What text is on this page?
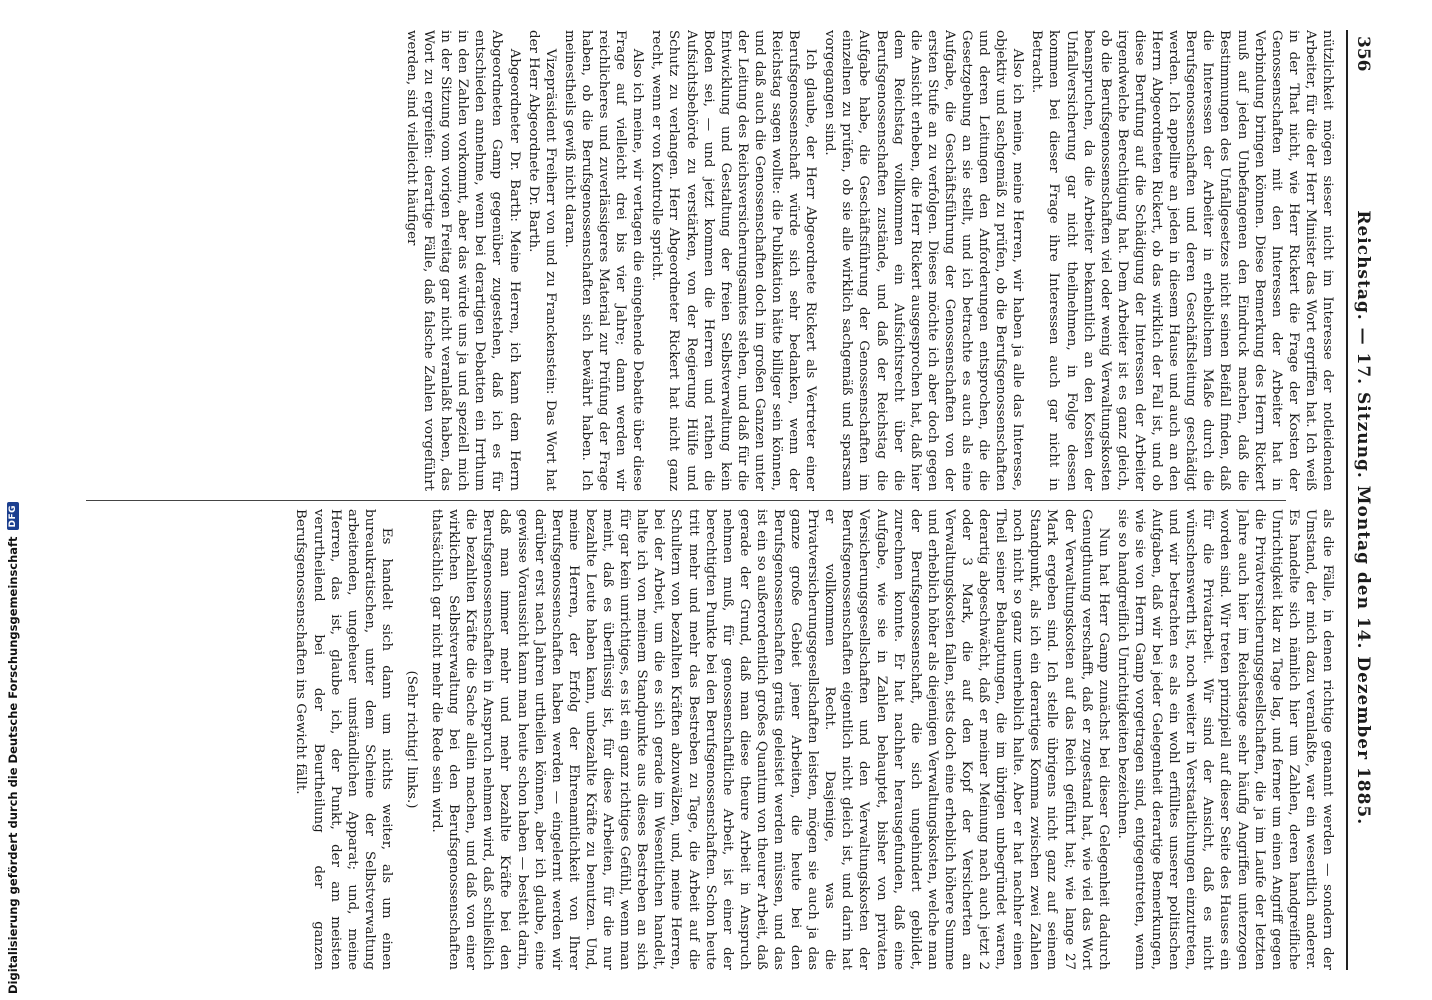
356
Reichstag. — 17. Sitzung. Montag den 14. Dezember 1885.

nützlichkeit mögen sieser nicht im Interesse der notleidenden Arbeiter, für die der Herr Minister das Wort ergriffen hat. Ich weiß in der That nicht, wie Herr Rickert die Frage der Kosten der Genossenschaften mit den Interessen der Arbeiter hat in Verbindung bringen können. Diese Bemerkung des Herrn Rickert muß auf jeden Unbefangenen den Eindruck machen, daß die Bestimmungen des Unfallgesetzes nicht seinen Beifall finden, daß die Interessen der Arbeiter in erheblichem Maße durch die Berufsgenossenschaften und deren Geschäftsleitung geschädigt werden. Ich appellire an jeden in diesem Hause und auch an den Herrn Abgeordneten Rickert, ob das wirklich der Fall ist, und ob diese Berufung auf die Schädigung der Interessen der Arbeiter irgendwelche Berechtigung hat. Dem Arbeiter ist es ganz gleich, ob die Berufsgenossenschaften viel oder wenig Verwaltungskosten beanspruchen, da die Arbeiter bekanntlich an den Kosten der Unfallversicherung gar nicht theilnehmen, in Folge dessen kommen bei dieser Frage ihre Interessen auch gar nicht in Betracht.

Also ich meine, meine Herren, wir haben ja alle das Interesse, objektiv und sachgemäß zu prüfen, ob die Berufsgenossenschaften und deren Leitungen den Anforderungen entsprochen, die die Gesetzgebung an sie stellt, und ich betrachte es auch als eine Aufgabe, die Geschäftsführung der Genossenschaften von der ersten Stufe an zu verfolgen. Dieses möchte ich aber doch gegen die Ansicht erheben, die Herr Rickert ausgesprochen hat, daß hier dem Reichstag vollkommen ein Aufsichtsrecht über die Berufsgenossenschaften zustände, und daß der Reichstag die Aufgabe habe, die Geschäftsführung der Genossenschaften im einzelnen zu prüfen, ob sie alle wirklich sachgemäß und sparsam vorgegangen sind.

Ich glaube, der Herr Abgeordnete Rickert als Vertreter einer Berufsgenossenschaft würde sich sehr bedanken, wenn der Reichstag sagen wollte: die Publikation hätte billiger sein können, und daß auch die Genossenschaften doch im großen Ganzen unter der Leitung des Reichsversicherungsamtes stehen, und daß für die Entwicklung und Gestaltung der freien Selbstverwaltung kein Boden sei, — und jetzt kommen die Herren und rathen die Aufsichtsbehörde zu verstärken, von der Regierung Hülfe und Schutz zu verlangen. Herr Abgeordneter Rickert hat nicht ganz recht, wenn er von Kontrolle spricht.

Also ich meine, wir vertagen die eingehende Debatte über diese Frage auf vielleicht drei bis vier Jahre; dann werden wir reichlicheres und zuverlässigeres Material zur Prüfung der Frage haben, ob die Berufsgenossenschaften sich bewährt haben. Ich meinestheils gewiß nicht daran.

Vizepräsident Freiherr von und zu Franckenstein: Das Wort hat der Herr Abgeordnete Dr. Barth.

Abgeordneter Dr. Barth: Meine Herren, ich kann dem Herrn Abgeordneten Gamp gegenüber zugestehen, daß ich es für entschieden annehme, wenn bei derartigen Debatten ein Irrthum in den Zahlen vorkommt, aber das würde uns ja und speziell mich in der Sitzung vom vorigen Freitag gar nicht veranlaßt haben, das Wort zu ergreifen: derartige Fälle, daß falsche Zahlen vorgeführt werden, sind vielleicht häufiger

als die Fälle, in denen richtige genannt werden — sondern der Umstand, der mich dazu veranlaßte, war ein wesentlich anderer. Es handelte sich nämlich hier um Zahlen, deren handgreifliche Unrichtigkeit klar zu Tage lag, und ferner um einen Angriff gegen die Privatversicherungsgesellschaften, die ja im Laufe der letzten Jahre auch hier im Reichstage sehr häufig Angriffen unterzogen worden sind. Wir treten prinzipiell auf dieser Seite des Hauses ein für die Privatarbeit. Wir sind der Ansicht, daß es nicht wünschenswerth ist, noch weiter in Verstaatlichungen einzutreten, und wir betrachten es als ein wohl erfülltes unserer politischen Aufgaben, daß wir bei jeder Gelegenheit derartige Bemerkungen, wie sie von Herrn Gamp vorgetragen sind, entgegentreten, wenn sie so handgreiflich Unrichtigkeiten bezeichnen.

Nun hat Herr Gamp zunächst bei dieser Gelegenheit dadurch Genugthuung verschafft, daß er zugestand hat, wie viel das Wort der Verwaltungskosten auf das Reich geführt hat; wie lange 27 Mark ergeben sind. Ich stelle übrigens nicht ganz auf seinem Standpunkt, als ich ein derartiges Komma zwischen zwei Zahlen noch nicht so ganz unerheblich halte. Aber er hat nachher einen Theil seiner Behauptungen, die im übrigen unbegründet waren, derartig abgeschwächt, daß er meiner Meinung nach auch jetzt 2 oder 3 Mark, die auf den Kopf der Versicherten an Verwaltungskosten fallen, stets doch eine erheblich höhere Summe und erheblich höher als diejenigen Verwaltungskosten, welche man der Berufsgenossenschaft, die sich ungehindert gebildet, zurechnen konnte. Er hat nachher herausgefunden, daß eine Aufgabe, wie sie in Zahlen behauptet, bisher von privaten Versicherungsgesellschaften und den Verwaltungskosten der Berufsgenossenschaften eigentlich nicht gleich ist, und darin hat er vollkommen Recht. Dasjenige, was die Privatversicherungsgesellschaften leisten, mögen sie auch ja das ganze große Gebiet jener Arbeiten, die heute bei den Berufsgenossenschaften gratis geleistet werden müssen, und das ist ein so außerordentlich großes Quantum von theurer Arbeit, daß gerade der Grund, daß man diese theure Arbeit in Anspruch nehmen muß, für genossenschaftliche Arbeit, ist einer der berechtigten Punkte bei den Berufsgenossenschaften. Schon heute tritt mehr und mehr das Bestreben zu Tage, die Arbeit auf die Schultern von bezahlten Kräften abzuwälzen, und, meine Herren, bei der Arbeit, um die es sich gerade im Wesentlichen handelt, halte ich von meinem Standpunkte aus dieses Bestreben an sich für gar kein unrichtiges, es ist ein ganz richtiges Gefühl, wenn man meint, daß es überflüssig ist, für diese Arbeiten, für die nur bezahlte Leute haben kann, unbezahlte Kräfte zu benutzen. Und, meine Herren, der Erfolg der Ehrenamtlichkeit von Ihrer Berufsgenossenschaften haben werden — eingelernt werden wir darüber erst nach Jahren urtheilen können, aber ich glaube, eine gewisse Voraussicht kann man heute schon haben — besteht darin, daß man immer mehr und mehr bezahlte Kräfte bei den Berufsgenossenschaften in Anspruch nehmen wird, daß schließlich die bezahlten Kräfte die Sache allein machen, und daß von einer wirklichen Selbstverwaltung bei den Berufsgenossenschaften thatsächlich gar nicht mehr die Rede sein wird.

(Sehr richtig! links.)

Es handelt sich dann um nichts weiter, als um einen bureaukratischen, unter dem Scheine der Selbstverwaltung arbeitenden, ungeheuer umständlichen Apparat; und, meine Herren, das ist, glaube ich, der Punkt, der am meisten verurtheilend bei der Beurtheilung der ganzen Berufsgenossenschaften ins Gewicht fällt.

Digitalisierung gefördert durch die Deutsche Forschungsgemeinschaft
DFG
